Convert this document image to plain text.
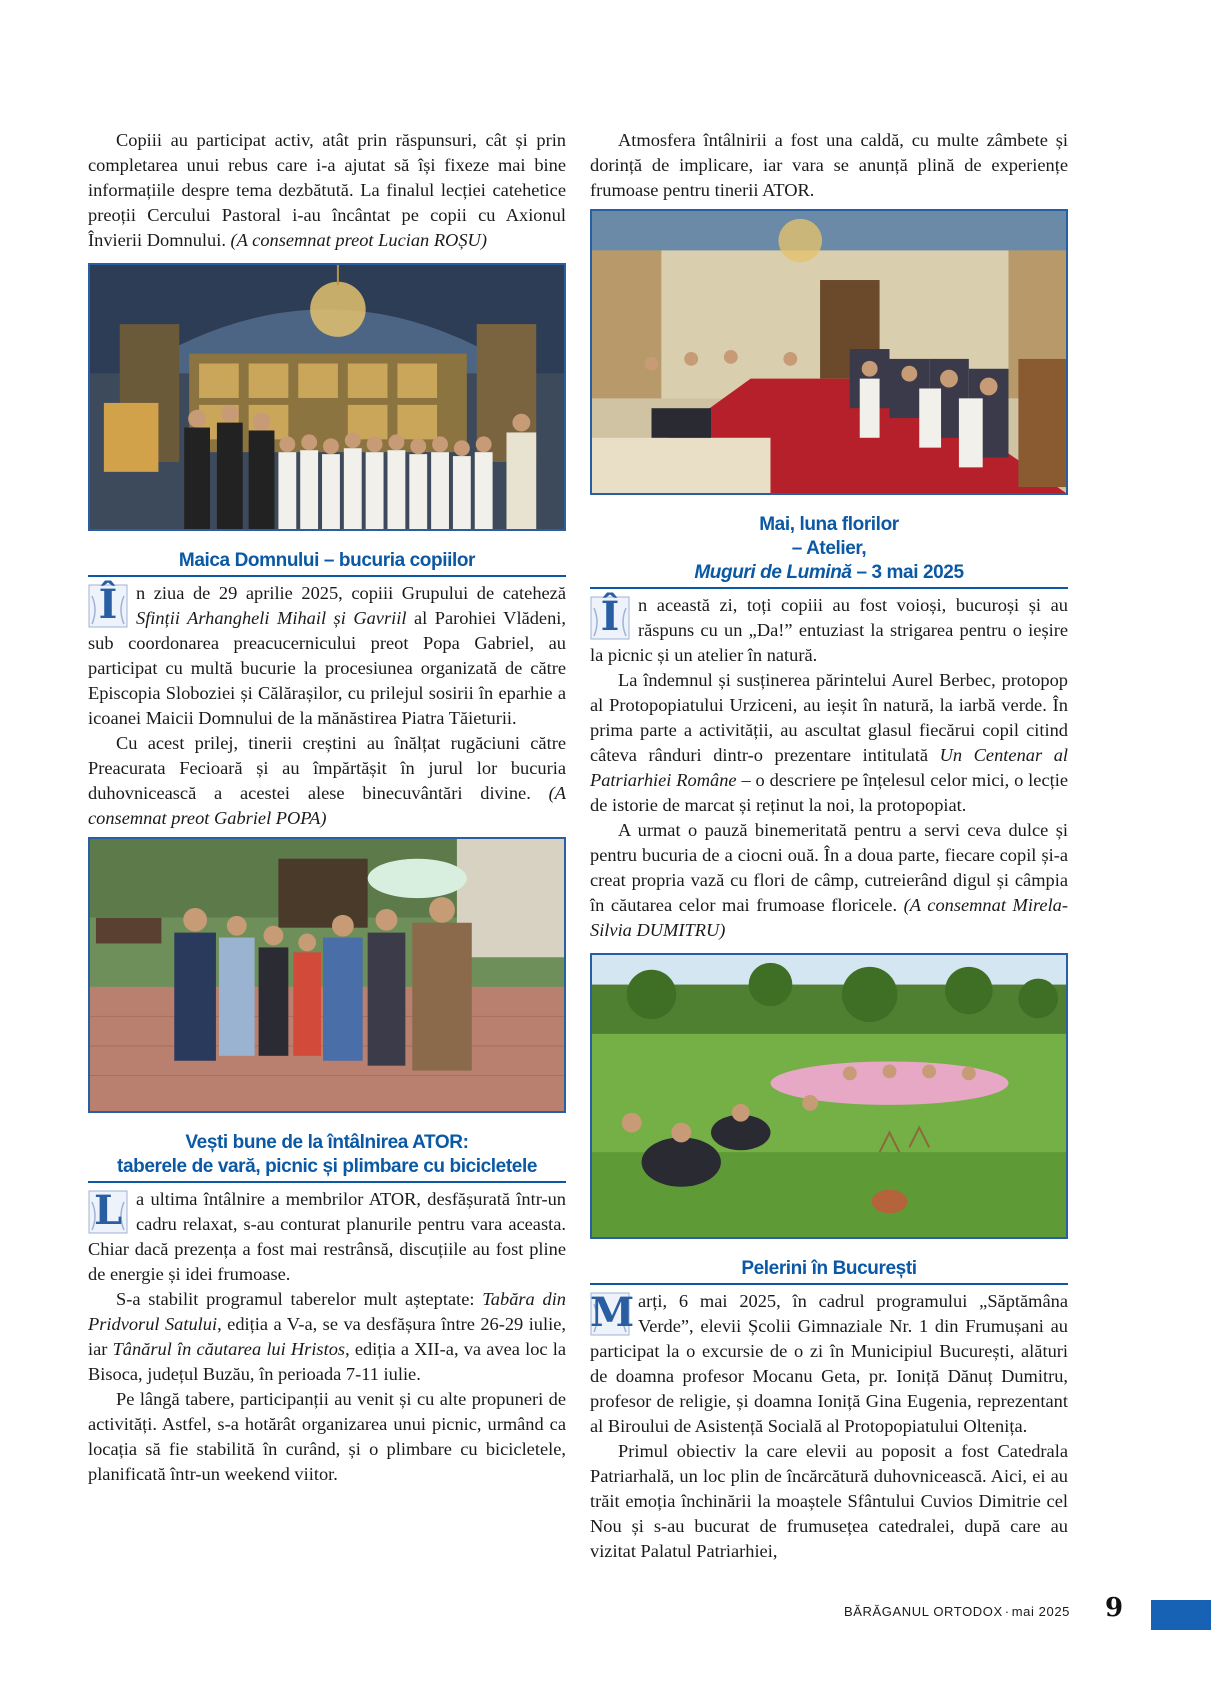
Copiii au participat activ, atât prin răspunsuri, cât și prin completarea unui rebus care i-a ajutat să își fixeze mai bine informațiile despre tema dezbătută. La finalul lecției catehetice preoții Cercului Pastoral i-au încântat pe copii cu Axionul Învierii Domnului. (A consemnat preot Lucian ROȘU)

Maica Domnului – bucuria copiilor
Î	n ziua de 29 aprilie 2025, copiii Grupului de cateheză Sfinții Arhangheli Mihail și Gavriil al Parohiei Vlădeni, sub coordonarea preacucernicului preot Popa Gabriel, au participat cu multă bucurie la procesiunea organizată de către Episcopia Sloboziei și Călărașilor, cu prilejul sosirii în eparhie a icoanei Maicii Domnului de la mănăstirea Piatra Tăieturii.

Cu acest prilej, tinerii creștini au înălțat rugăciuni către Preacurata Fecioară și au împărtășit în jurul lor bucuria duhovnicească a acestei alese binecuvântări divine. (A consemnat preot Gabriel POPA)

Vești bune de la întâlnirea ATOR:
taberele de vară, picnic și plimbare cu bicicletele
L a ultima întâlnire a membrilor ATOR, desfășurată într-un cadru relaxat, s-au conturat planurile pentru vara aceasta. Chiar dacă prezența a fost mai restrânsă, discuțiile au fost pline de energie și idei frumoase.

S-a stabilit programul taberelor mult așteptate: Tabăra din Pridvorul Satului, ediția a V-a, se va desfășura între 26-29 iulie, iar Tânărul în căutarea lui Hristos, ediția a XII-a, va avea loc la Bisoca, județul Buzău, în perioada 7-11 iulie.

Pe lângă tabere, participanții au venit și cu alte propuneri de activități. Astfel, s-a hotărât organizarea unui picnic, urmând ca locația să fie stabilită în curând, și o plimbare cu bicicletele, planificată într-un weekend viitor.

Atmosfera întâlnirii a fost una caldă, cu multe zâmbete și dorință de implicare, iar vara se anunță plină de experiențe frumoase pentru tinerii ATOR.

Mai, luna florilor
– Atelier,
Muguri de Lumină – 3 mai 2025
Î	n această zi, toți copiii au fost voioși, bucuroși și au răspuns cu un „Da!” entuziast la strigarea pentru o ieșire la picnic și un atelier în natură.

La îndemnul și susținerea părintelui Aurel Berbec, protopop al Protopopiatului Urziceni, au ieșit în natură, la iarbă verde. În prima parte a activității, au ascultat glasul fiecărui copil citind câteva rânduri dintr-o prezentare intitulată Un Centenar al Patriarhiei Române – o descriere pe înțelesul celor mici, o lecție de istorie de marcat și reținut la noi, la protopopiat.

A urmat o pauză binemeritată pentru a servi ceva dulce și pentru bucuria de a ciocni ouă. În a doua parte, fiecare copil și-a creat propria vază cu flori de câmp, cutreierând digul și câmpia în căutarea celor mai frumoase floricele. (A consemnat Mirela-Silvia DUMITRU)

Pelerini în București
M arți, 6 mai 2025, în cadrul programului „Săptămâna Verde”, elevii Școlii Gimnaziale Nr. 1 din Frumușani au participat la o excursie de o zi în Municipiul București, alături de doamna profesor Mocanu Geta, pr. Ioniță Dănuț Dumitru, profesor de religie, și doamna Ioniță Gina Eugenia, reprezentant al Biroului de Asistență Socială al Protopopiatului Oltenița.

Primul obiectiv la care elevii au poposit a fost Catedrala Patriarhală, un loc plin de încărcătură duhovnicească. Aici, ei au trăit emoția închinării la moaștele Sfântului Cuvios Dimitrie cel Nou și s-au bucurat de frumusețea catedralei, după care au vizitat Palatul Patriarhiei,

BĂRĂGANUL ORTODOX · mai 2025 9
